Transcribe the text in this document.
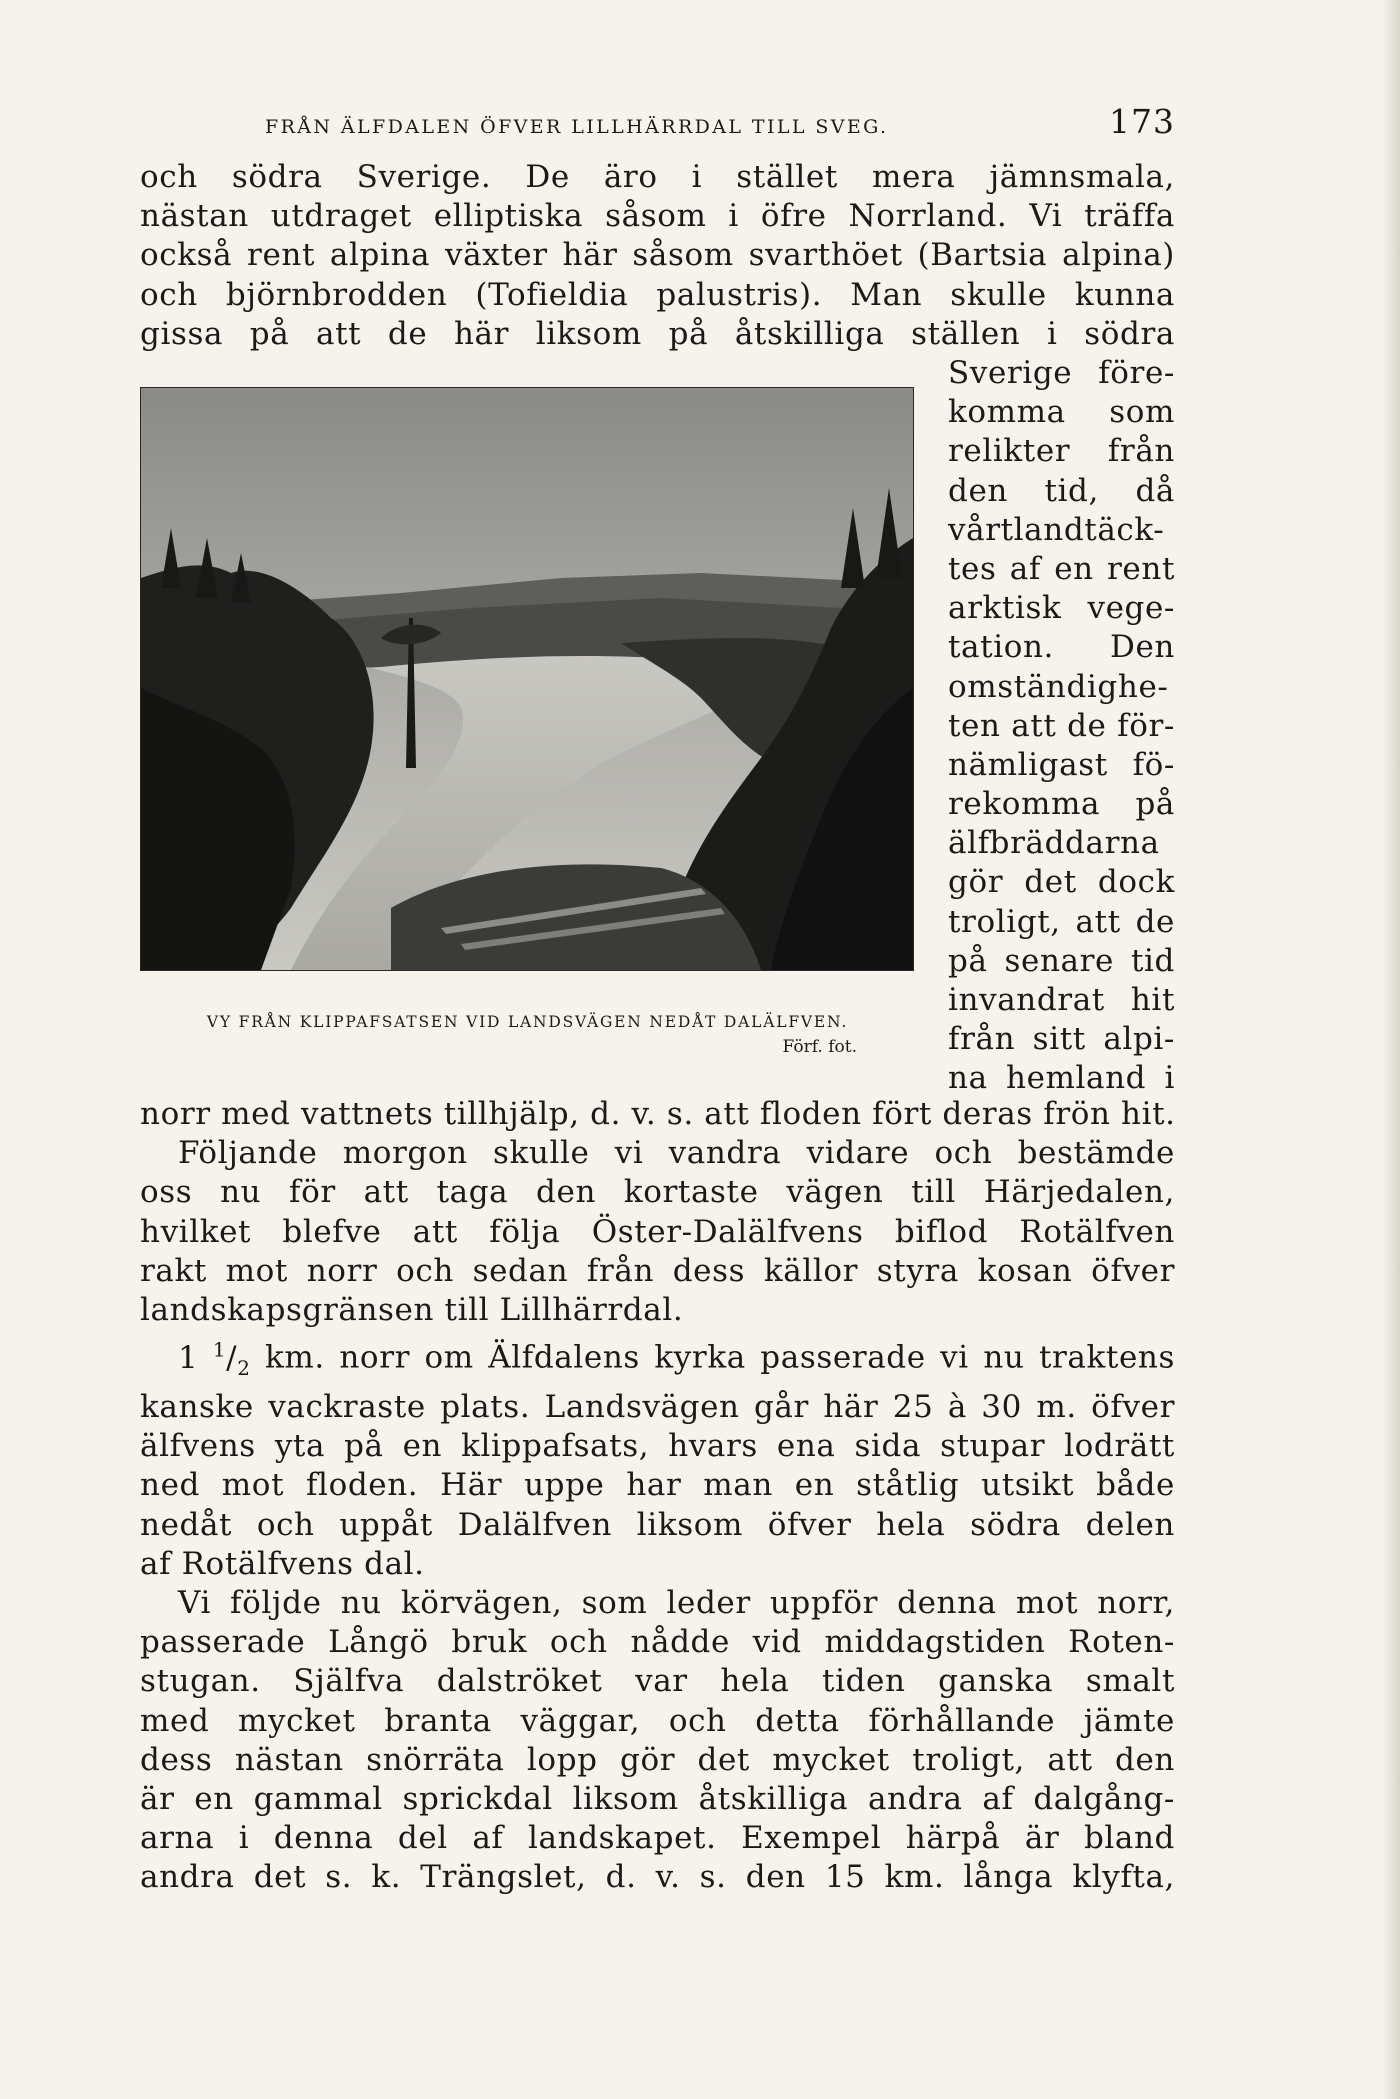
FRÅN ÄLFDALEN ÖFVER LILLHÄRRDAL TILL SVEG.	173
och södra Sverige. De äro i stället mera jämnsmala,
nästan utdraget elliptiska såsom i öfre Norrland. Vi träffa
också rent alpina växter här såsom svarthöet (Bartsia alpina)
och björnbrodden (Tofieldia palustris). Man skulle kunna
gissa på att de här liksom på åtskilliga ställen i södra
Sverige före-
komma som
relikter från
den tid, då
vårtlandtäck-
tes af en rent
arktisk vege-
tation. Den
omständighe-
ten att de för-
nämligast fö-
rekomma på
älfbräddarna
gör det dock
troligt, att de
på senare tid
invandrat hit
från sitt alpi-
na hemland i
VY FRÅN KLIPPAFSATSEN VID LANDSVÄGEN NEDÅT DALÄLFVEN.
Förf. fot.
norr med vattnets tillhjälp, d. v. s. att floden fört deras frön hit.
Följande morgon skulle vi vandra vidare och bestämde
oss nu för att taga den kortaste vägen till Härjedalen,
hvilket blefve att följa Öster-Dalälfvens biflod Rotälfven
rakt mot norr och sedan från dess källor styra kosan öfver
landskapsgränsen till Lillhärrdal.
1 $^1/_2$ km. norr om Älfdalens kyrka passerade vi nu traktens
kanske vackraste plats. Landsvägen går här 25 à 30 m. öfver
älfvens yta på en klippafsats, hvars ena sida stupar lodrätt
ned mot floden. Här uppe har man en ståtlig utsikt både
nedåt och uppåt Dalälfven liksom öfver hela södra delen
af Rotälfvens dal.
Vi följde nu körvägen, som leder uppför denna mot norr,
passerade Långö bruk och nådde vid middagstiden Roten-
stugan. Själfva dalströket var hela tiden ganska smalt
med mycket branta väggar, och detta förhållande jämte
dess nästan snörräta lopp gör det mycket troligt, att den
är en gammal sprickdal liksom åtskilliga andra af dalgång-
arna i denna del af landskapet. Exempel härpå är bland
andra det s. k. Trängslet, d. v. s. den 15 km. långa klyfta,
